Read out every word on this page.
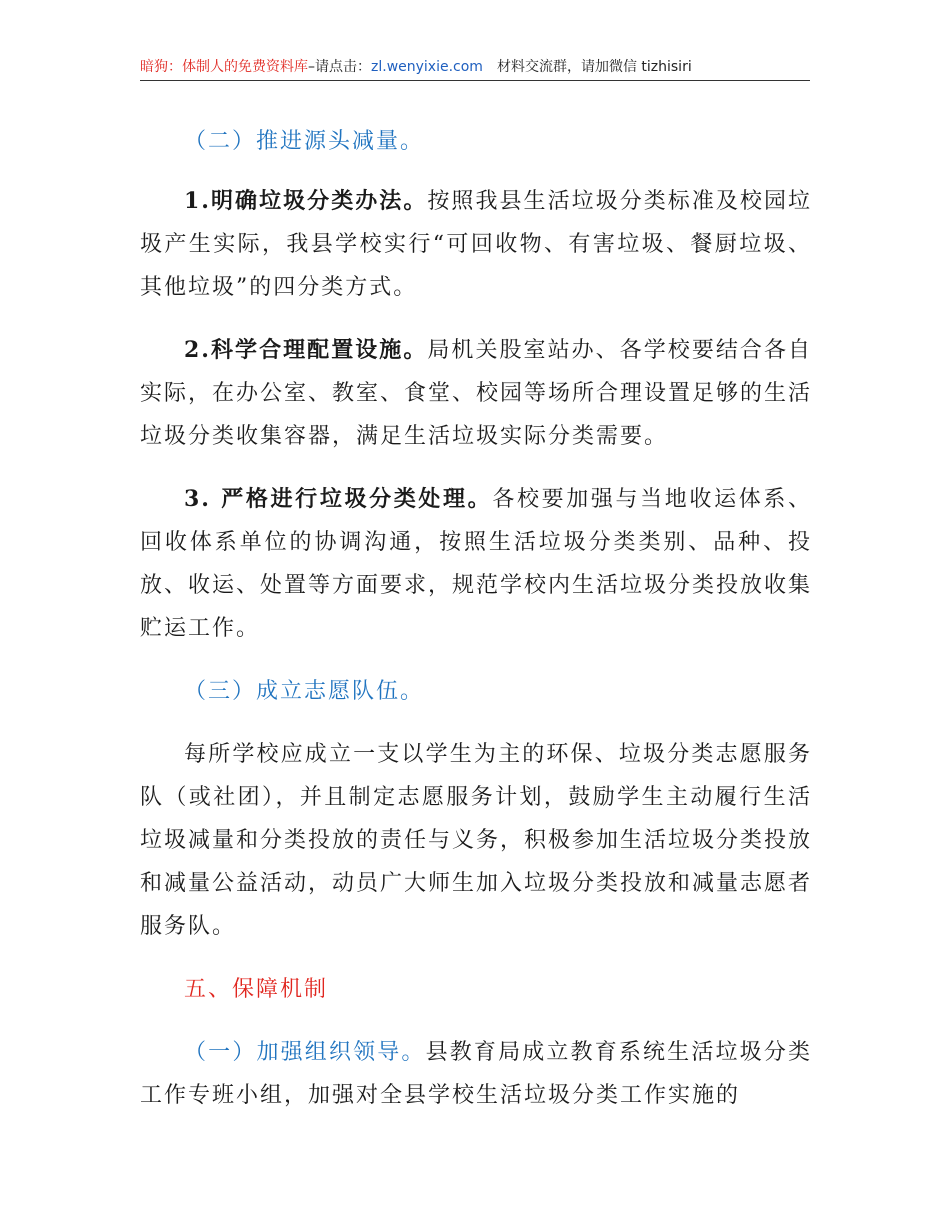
暗狗：体制人的免费资料库–请点击：zl.wenyixie.com 材料交流群，请加微信 tizhisiri

（二）推进源头减量。

1.明确垃圾分类办法。按照我县生活垃圾分类标准及校园垃圾产生实际，我县学校实行“可回收物、有害垃圾、餐厨垃圾、其他垃圾”的四分类方式。

2.科学合理配置设施。局机关股室站办、各学校要结合各自实际，在办公室、教室、食堂、校园等场所合理设置足够的生活垃圾分类收集容器，满足生活垃圾实际分类需要。

3. 严格进行垃圾分类处理。各校要加强与当地收运体系、回收体系单位的协调沟通，按照生活垃圾分类类别、品种、投放、收运、处置等方面要求，规范学校内生活垃圾分类投放收集贮运工作。

（三）成立志愿队伍。

每所学校应成立一支以学生为主的环保、垃圾分类志愿服务队（或社团），并且制定志愿服务计划，鼓励学生主动履行生活垃圾减量和分类投放的责任与义务，积极参加生活垃圾分类投放和减量公益活动，动员广大师生加入垃圾分类投放和减量志愿者服务队。

五、保障机制

（一）加强组织领导。县教育局成立教育系统生活垃圾分类工作专班小组，加强对全县学校生活垃圾分类工作实施的
